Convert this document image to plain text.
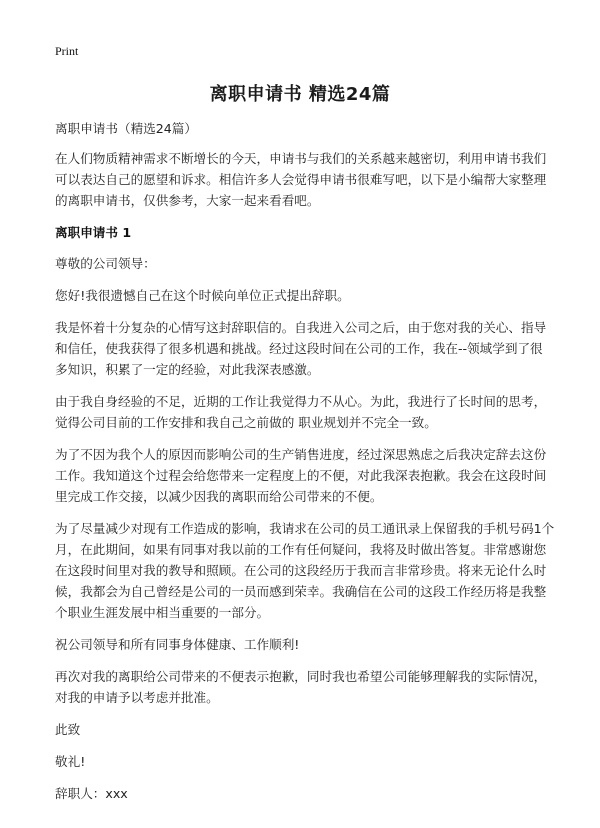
Print
离职申请书 精选24篇

离职申请书（精选24篇）

在人们物质精神需求不断增长的今天，申请书与我们的关系越来越密切，利用申请书我们可以表达自己的愿望和诉求。相信许多人会觉得申请书很难写吧，以下是小编帮大家整理的离职申请书，仅供参考，大家一起来看看吧。

离职申请书 1

尊敬的公司领导：

您好!我很遗憾自己在这个时候向单位正式提出辞职。

我是怀着十分复杂的心情写这封辞职信的。自我进入公司之后，由于您对我的关心、指导和信任，使我获得了很多机遇和挑战。经过这段时间在公司的工作，我在--领域学到了很多知识，积累了一定的经验，对此我深表感激。

由于我自身经验的不足，近期的工作让我觉得力不从心。为此，我进行了长时间的思考，觉得公司目前的工作安排和我自己之前做的 职业规划并不完全一致。

为了不因为我个人的原因而影响公司的生产销售进度，经过深思熟虑之后我决定辞去这份工作。我知道这个过程会给您带来一定程度上的不便，对此我深表抱歉。我会在这段时间里完成工作交接，以减少因我的离职而给公司带来的不便。

为了尽量减少对现有工作造成的影响，我请求在公司的员工通讯录上保留我的手机号码1个月，在此期间，如果有同事对我以前的工作有任何疑问，我将及时做出答复。非常感谢您在这段时间里对我的教导和照顾。在公司的这段经历于我而言非常珍贵。将来无论什么时候，我都会为自己曾经是公司的一员而感到荣幸。我确信在公司的这段工作经历将是我整个职业生涯发展中相当重要的一部分。

祝公司领导和所有同事身体健康、工作顺利!

再次对我的离职给公司带来的不便表示抱歉，同时我也希望公司能够理解我的实际情况，对我的申请予以考虑并批准。

此致

敬礼!

辞职人：xxx
